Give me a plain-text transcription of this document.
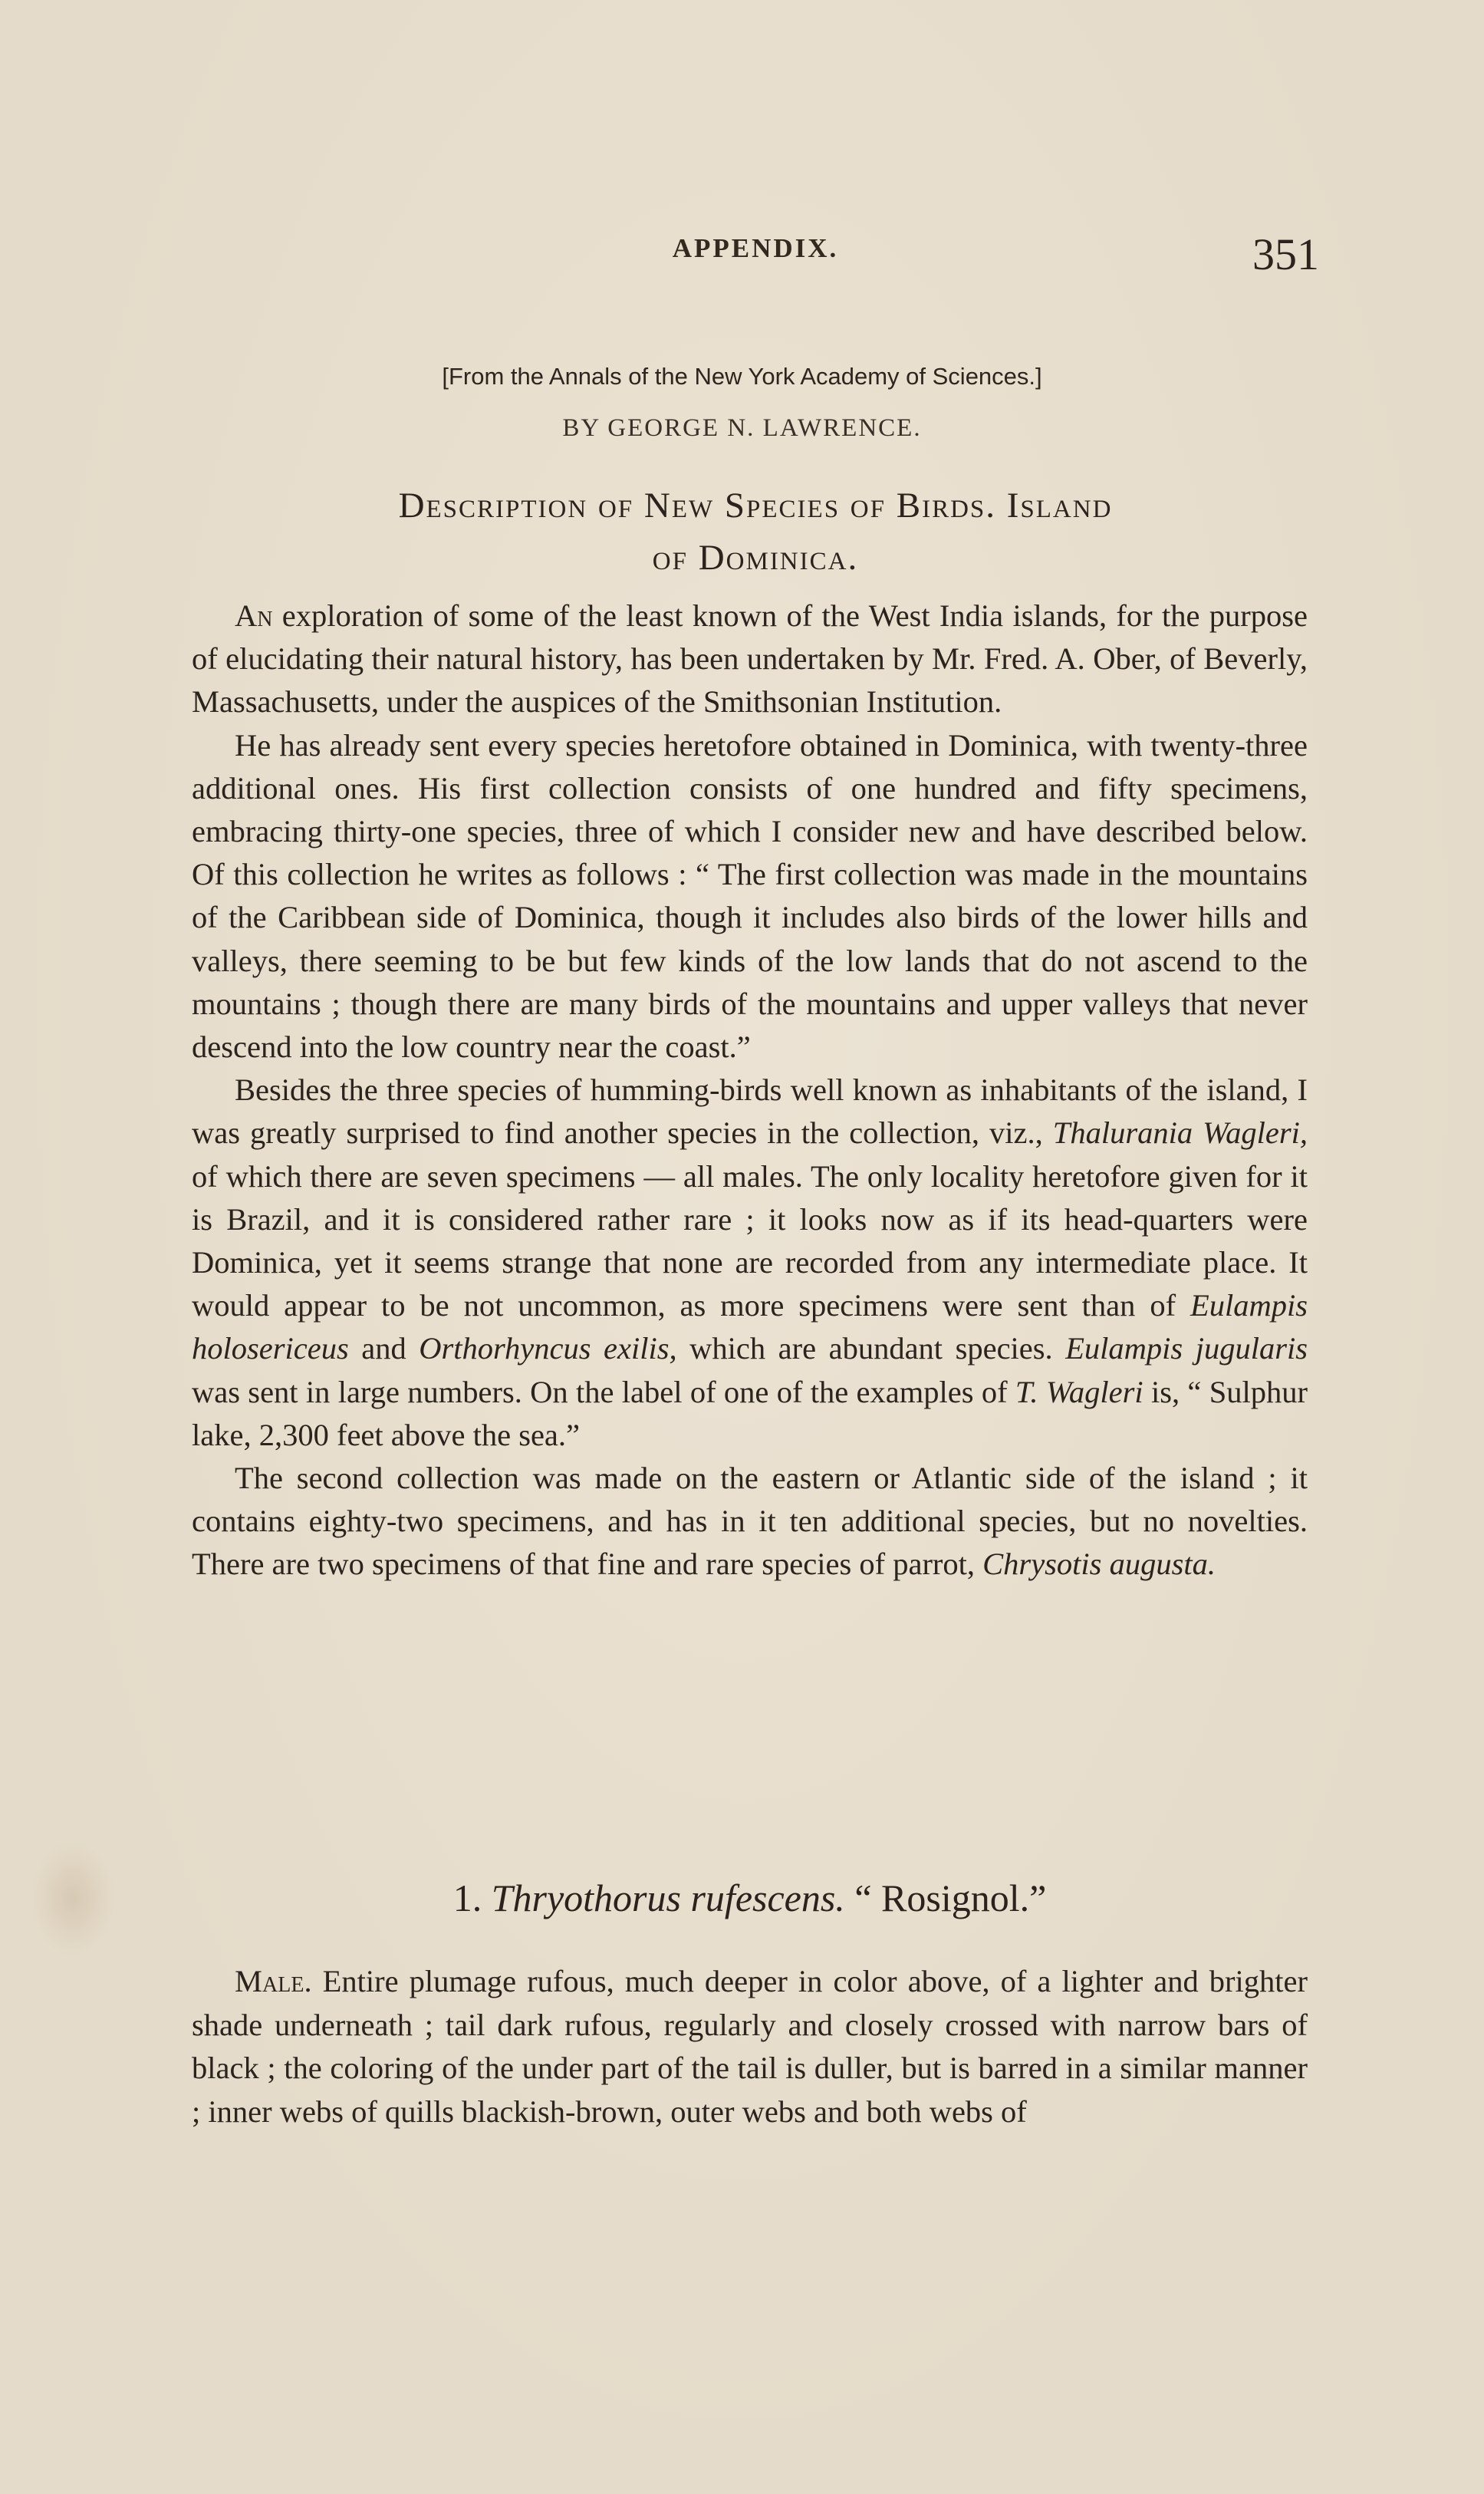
APPENDIX.	351
[From the Annals of the New York Academy of Sciences.]
BY GEORGE N. LAWRENCE.
Description of New Species of Birds. Island
of Dominica.

An exploration of some of the least known of the West India islands, for the purpose of elucidating their natural history, has been undertaken by Mr. Fred. A. Ober, of Beverly, Massachusetts, under the auspices of the Smithsonian Institution.

He has already sent every species heretofore obtained in Dominica, with twenty-three additional ones. His first collection consists of one hundred and fifty specimens, embracing thirty-one species, three of which I consider new and have described below. Of this collection he writes as follows : “ The first collection was made in the mountains of the Caribbean side of Dominica, though it includes also birds of the lower hills and valleys, there seeming to be but few kinds of the low lands that do not ascend to the mountains ; though there are many birds of the mountains and upper valleys that never descend into the low country near the coast.”

Besides the three species of humming-birds well known as inhabitants of the island, I was greatly surprised to find another species in the collection, viz., Thalurania Wagleri, of which there are seven specimens — all males. The only locality heretofore given for it is Brazil, and it is considered rather rare ; it looks now as if its head-quarters were Dominica, yet it seems strange that none are recorded from any intermediate place. It would appear to be not uncommon, as more specimens were sent than of Eulampis holosericeus and Orthorhyncus exilis, which are abundant species. Eulampis jugularis was sent in large numbers. On the label of one of the examples of T. Wagleri is, “ Sulphur lake, 2,300 feet above the sea.”

The second collection was made on the eastern or Atlantic side of the island ; it contains eighty-two specimens, and has in it ten additional species, but no novelties. There are two specimens of that fine and rare species of parrot, Chrysotis augusta.

1. Thryothorus rufescens. “ Rosignol.”

Male. Entire plumage rufous, much deeper in color above, of a lighter and brighter shade underneath ; tail dark rufous, regularly and closely crossed with narrow bars of black ; the coloring of the under part of the tail is duller, but is barred in a similar manner ; inner webs of quills blackish-brown, outer webs and both webs of
